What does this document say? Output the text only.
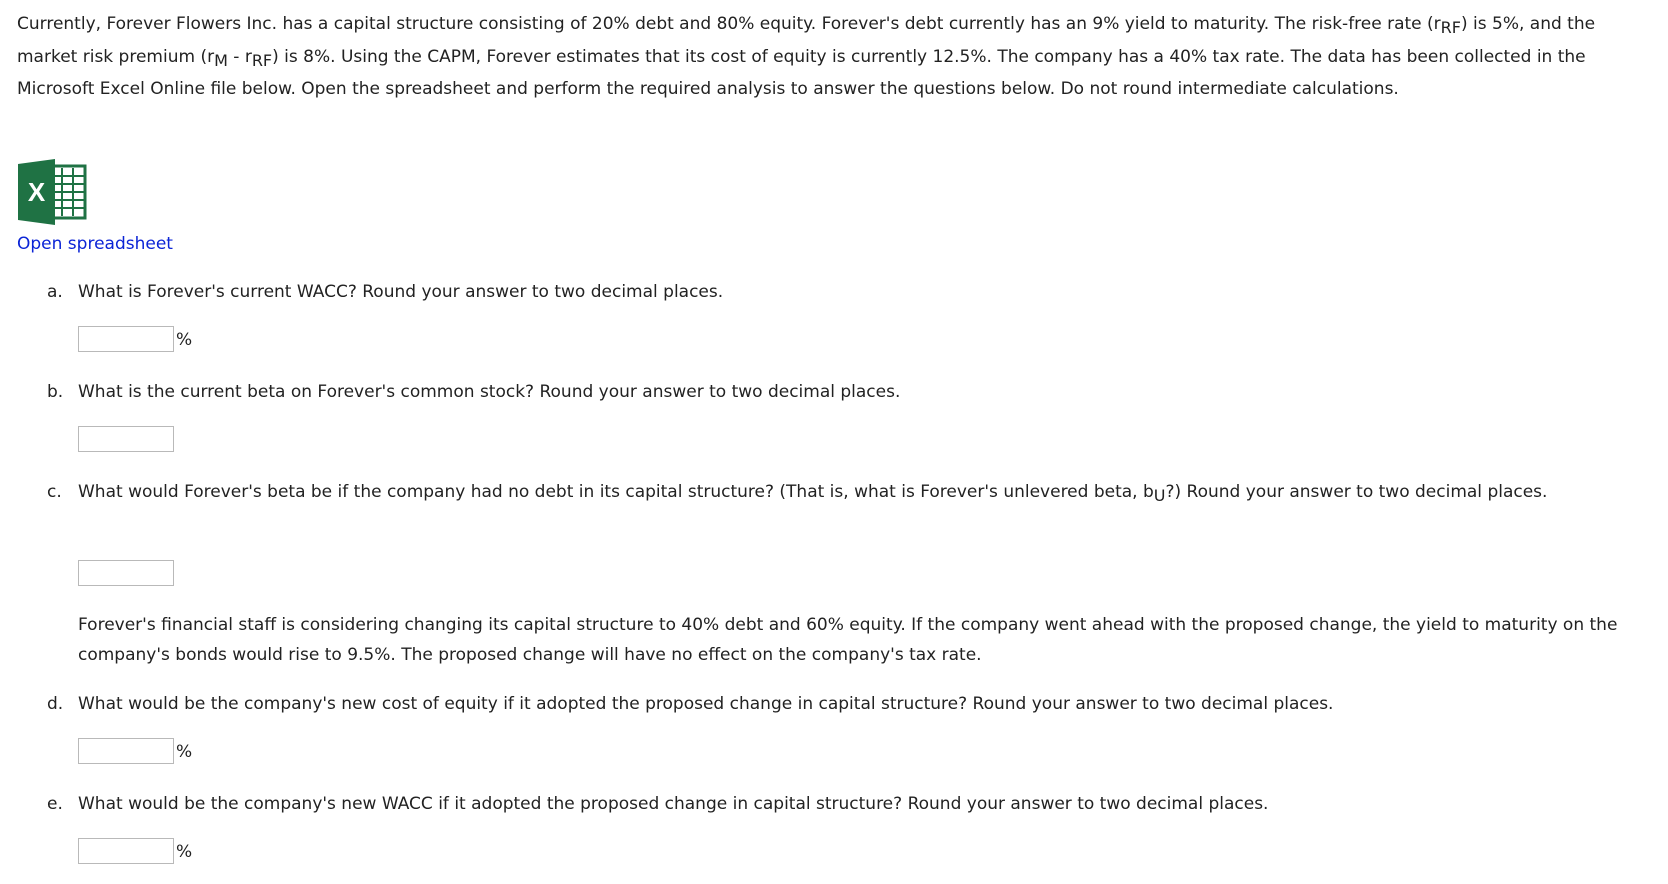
Currently, Forever Flowers Inc. has a capital structure consisting of 20% debt and 80% equity. Forever's debt currently has an 9% yield to maturity. The risk-free rate $(r_{RF})$ is 5%, and the market risk premium $(r_M - r_{RF})$ is 8%. Using the CAPM, Forever estimates that its cost of equity is currently 12.5%. The company has a 40% tax rate. The data has been collected in the Microsoft Excel Online file below. Open the spreadsheet and perform the required analysis to answer the questions below. Do not round intermediate calculations.

X
Open spreadsheet
a. What is Forever's current WACC? Round your answer to two decimal places.
%
b. What is the current beta on Forever's common stock? Round your answer to two decimal places.
c. What would Forever's beta be if the company had no debt in its capital structure? (That is, what is Forever's unlevered beta, $b_U$?) Round your answer to two decimal places.

Forever's financial staff is considering changing its capital structure to 40% debt and 60% equity. If the company went ahead with the proposed change, the yield to maturity on the company's bonds would rise to 9.5%. The proposed change will have no effect on the company's tax rate.

d. What would be the company's new cost of equity if it adopted the proposed change in capital structure? Round your answer to two decimal places.
%
e. What would be the company's new WACC if it adopted the proposed change in capital structure? Round your answer to two decimal places.
%
